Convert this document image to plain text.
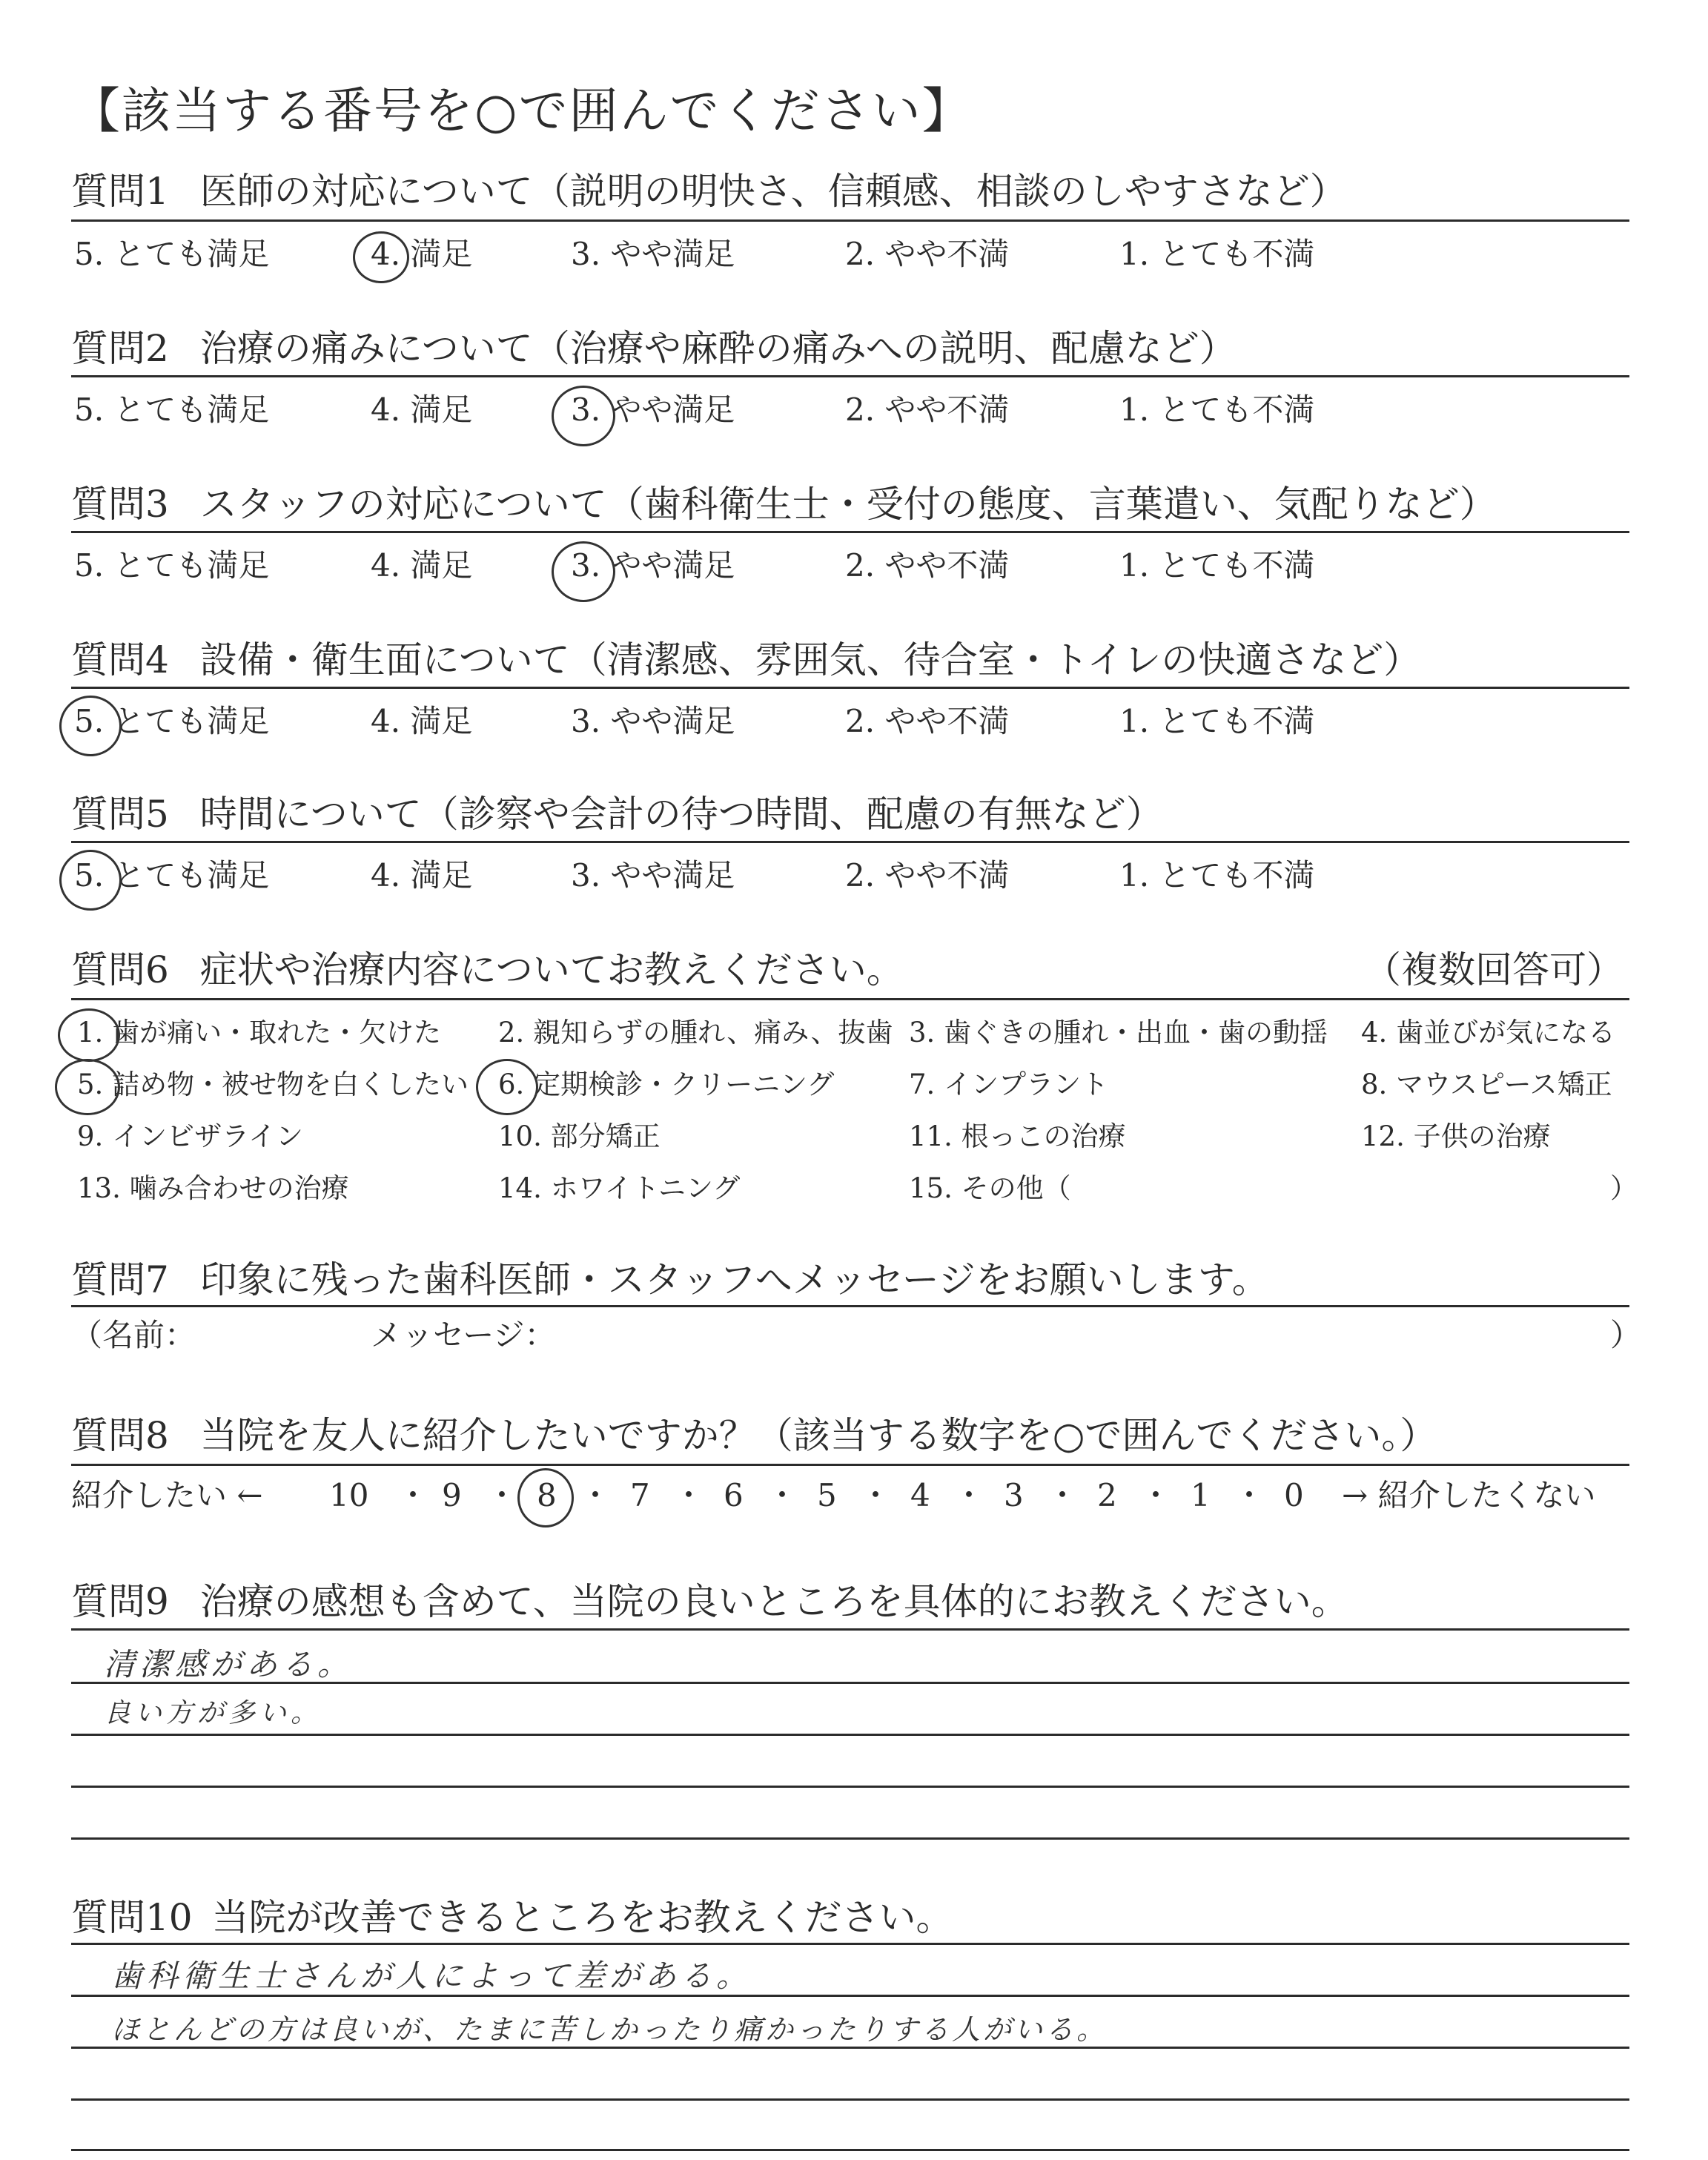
【該当する番号を○で囲んでください】
質問1 医師の対応について（説明の明快さ、信頼感、相談のしやすさなど）
5. とても満足	4. 満足	3. やや満足	2. やや不満	1. とても不満
質問2 治療の痛みについて（治療や麻酔の痛みへの説明、配慮など）
5. とても満足	4. 満足	3. やや満足	2. やや不満	1. とても不満
質問3 スタッフの対応について（歯科衛生士・受付の態度、言葉遣い、気配りなど）
5. とても満足	4. 満足	3. やや満足	2. やや不満	1. とても不満
質問4 設備・衛生面について（清潔感、雰囲気、待合室・トイレの快適さなど）
5. とても満足	4. 満足	3. やや満足	2. やや不満	1. とても不満
質問5 時間について（診察や会計の待つ時間、配慮の有無など）
5. とても満足	4. 満足	3. やや満足	2. やや不満	1. とても不満
質問6 症状や治療内容についてお教えください。	（複数回答可）
1. 歯が痛い・取れた・欠けた 2. 親知らずの腫れ、痛み、抜歯 3. 歯ぐきの腫れ・出血・歯の動揺 4. 歯並びが気になる
5. 詰め物・被せ物を白くしたい 6. 定期検診・クリーニング	7. インプラント	8. マウスピース矯正
9. インビザライン	10. 部分矯正	11. 根っこの治療	12. 子供の治療
13. 噛み合わせの治療	14. ホワイトニング	15. その他（	）
質問7 印象に残った歯科医師・スタッフへメッセージをお願いします。
（名前：	メッセージ：	）
質問8 当院を友人に紹介したいですか？（該当する数字を○で囲んでください。）
紹介したい ←	→ 紹介したくない
10 9 8 7 6 5 4 3 2 1 0
・ ・ ・ ・ ・ ・ ・ ・ ・ ・
質問9 治療の感想も含めて、当院の良いところを具体的にお教えください。
清潔感がある。
良い方が多い。
質問10 当院が改善できるところをお教えください。
歯科衛生士さんが人によって差がある。
ほとんどの方は良いが、たまに苦しかったり痛かったりする人がいる。
